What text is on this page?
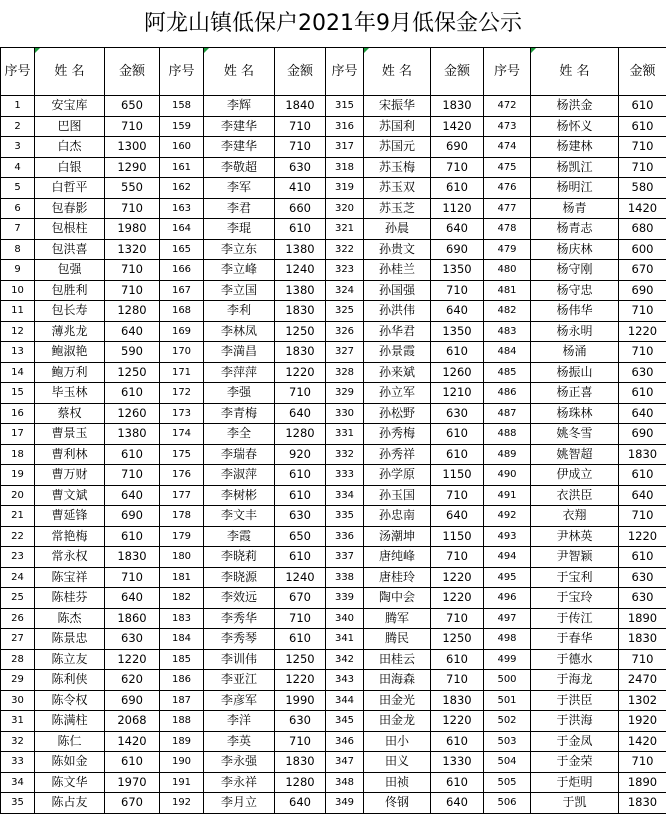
阿龙山镇低保户2021年9月低保金公示
序号	姓 名	金额	序号	姓 名	金额	序号	姓 名	金额	序号	姓 名	金额
1	安宝库	650	158	李辉	1840	315	宋振华	1830	472	杨洪金	610
2	巴图	710	159	李建华	710	316	苏国利	1420	473	杨怀义	610
3	白杰	1300	160	李建华	710	317	苏国元	690	474	杨建林	710
4	白银	1290	161	李敬超	630	318	苏玉梅	710	475	杨凯江	710
5	白哲平	550	162	李军	410	319	苏玉双	610	476	杨明江	580
6	包春影	710	163	李君	660	320	苏玉芝	1120	477	杨青	1420
7	包根柱	1980	164	李琨	610	321	孙晨	640	478	杨青志	680
8	包洪喜	1320	165	李立东	1380	322	孙贵文	690	479	杨庆林	600
9	包强	710	166	李立峰	1240	323	孙桂兰	1350	480	杨守刚	670
10	包胜利	710	167	李立国	1380	324	孙国强	710	481	杨守忠	690
11	包长寿	1280	168	李利	1830	325	孙洪伟	640	482	杨伟华	710
12	薄兆龙	640	169	李林凤	1250	326	孙华君	1350	483	杨永明	1220
13	鲍淑艳	590	170	李満昌	1830	327	孙景霞	610	484	杨涌	710
14	鲍万利	1250	171	李萍萍	1220	328	孙来斌	1260	485	杨振山	630
15	毕玉林	610	172	李强	710	329	孙立军	1210	486	杨正喜	610
16	蔡权	1260	173	李青梅	640	330	孙松野	630	487	杨珠林	640
17	曹景玉	1380	174	李全	1280	331	孙秀梅	610	488	姚冬雪	690
18	曹利林	610	175	李瑞春	920	332	孙秀祥	610	489	姚智超	1830
19	曹万财	710	176	李淑萍	610	333	孙学原	1150	490	伊成立	610
20	曹文斌	640	177	李树彬	610	334	孙玉国	710	491	衣洪臣	640
21	曹延锋	690	178	李文丰	630	335	孙忠南	640	492	衣翔	710
22	常艳梅	610	179	李霞	650	336	汤潮坤	1150	493	尹林英	1220
23	常永权	1830	180	李晓莉	610	337	唐纯峰	710	494	尹智颖	610
24	陈宝祥	710	181	李晓源	1240	338	唐桂玲	1220	495	于宝利	630
25	陈桂芬	640	182	李效远	670	339	陶中会	1220	496	于宝玲	630
26	陈杰	1860	183	李秀华	710	340	腾军	710	497	于传江	1890
27	陈景忠	630	184	李秀琴	610	341	腾民	1250	498	于春华	1830
28	陈立友	1220	185	李训伟	1250	342	田桂云	610	499	于德水	710
29	陈利侠	620	186	李亚江	1220	343	田海森	710	500	于海龙	2470
30	陈令权	690	187	李彦军	1990	344	田金光	1830	501	于洪臣	1302
31	陈满柱	2068	188	李洋	630	345	田金龙	1220	502	于洪海	1920
32	陈仁	1420	189	李英	710	346	田小	610	503	于金凤	1420
33	陈如金	610	190	李永强	1830	347	田义	1330	504	于金荣	710
34	陈文华	1970	191	李永祥	1280	348	田祯	610	505	于炬明	1890
35	陈占友	670	192	李月立	640	349	佟钢	640	506	于凯	1830
